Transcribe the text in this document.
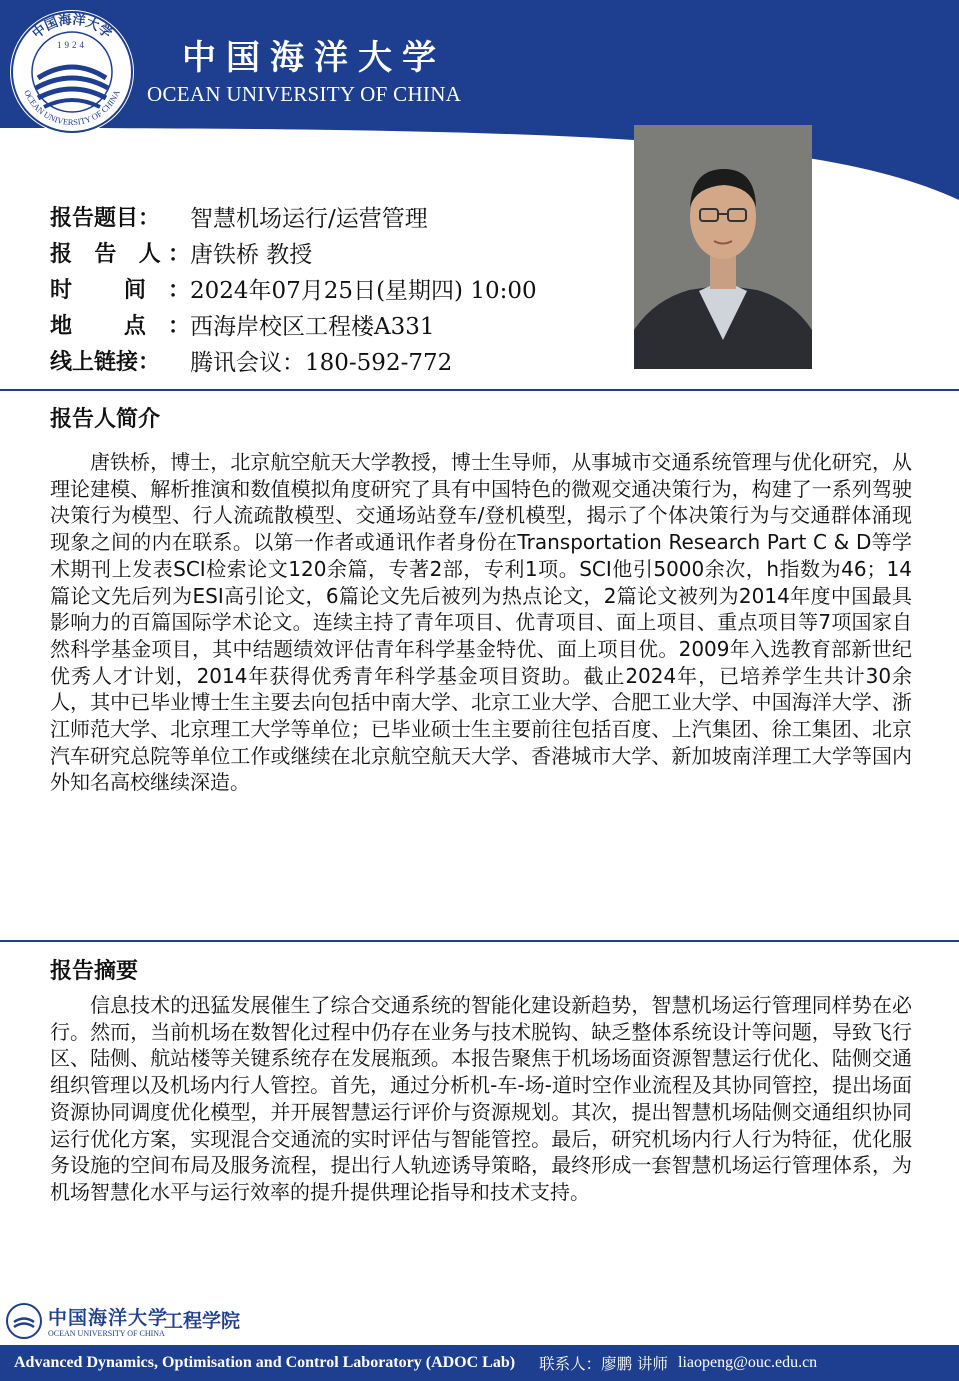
中国海洋大学
OCEAN UNIVERSITY OF CHINA
1924	中国海洋大学
OCEAN UNIVERSITY OF CHINA
报告题目：	智慧机场运行/运营管理
报 告 人： 唐铁桥 教授
时 间： 2024年07月25日(星期四) 10:00
地 点： 西海岸校区工程楼A331
线上链接：	腾讯会议：180-592-772
报告人简介
唐铁桥，博士，北京航空航天大学教授，博士生导师，从事城市交通系统管理与优化研究，从理论建模、解析推演和数值模拟角度研究了具有中国特色的微观交通决策行为，构建了一系列驾驶决策行为模型、行人流疏散模型、交通场站登车/登机模型，揭示了个体决策行为与交通群体涌现现象之间的内在联系。以第一作者或通讯作者身份在Transportation Research Part C & D等学术期刊上发表SCI检索论文120余篇，专著2部，专利1项。SCI他引5000余次，h指数为46；14篇论文先后列为ESI高引论文，6篇论文先后被列为热点论文，2篇论文被列为2014年度中国最具影响力的百篇国际学术论文。连续主持了青年项目、优青项目、面上项目、重点项目等7项国家自然科学基金项目，其中结题绩效评估青年科学基金特优、面上项目优。2009年入选教育部新世纪优秀人才计划，2014年获得优秀青年科学基金项目资助。截止2024年，已培养学生共计30余人，其中已毕业博士生主要去向包括中南大学、北京工业大学、合肥工业大学、中国海洋大学、浙江师范大学、北京理工大学等单位；已毕业硕士生主要前往包括百度、上汽集团、徐工集团、北京汽车研究总院等单位工作或继续在北京航空航天大学、香港城市大学、新加坡南洋理工大学等国内外知名高校继续深造。
报告摘要
信息技术的迅猛发展催生了综合交通系统的智能化建设新趋势，智慧机场运行管理同样势在必行。然而，当前机场在数智化过程中仍存在业务与技术脱钩、缺乏整体系统设计等问题，导致飞行区、陆侧、航站楼等关键系统存在发展瓶颈。本报告聚焦于机场场面资源智慧运行优化、陆侧交通组织管理以及机场内行人管控。首先，通过分析机-车-场-道时空作业流程及其协同管控，提出场面资源协同调度优化模型，并开展智慧运行评价与资源规划。其次，提出智慧机场陆侧交通组织协同运行优化方案，实现混合交通流的实时评估与智能管控。最后，研究机场内行人行为特征，优化服务设施的空间布局及服务流程，提出行人轨迹诱导策略，最终形成一套智慧机场运行管理体系，为机场智慧化水平与运行效率的提升提供理论指导和技术支持。
中国海洋大学
OCEAN UNIVERSITY OF CHINA
工程学院
Advanced Dynamics, Optimisation and Control Laboratory (ADOC Lab) 联系人： 廖鹏 讲师 liaopeng@ouc.edu.cn
